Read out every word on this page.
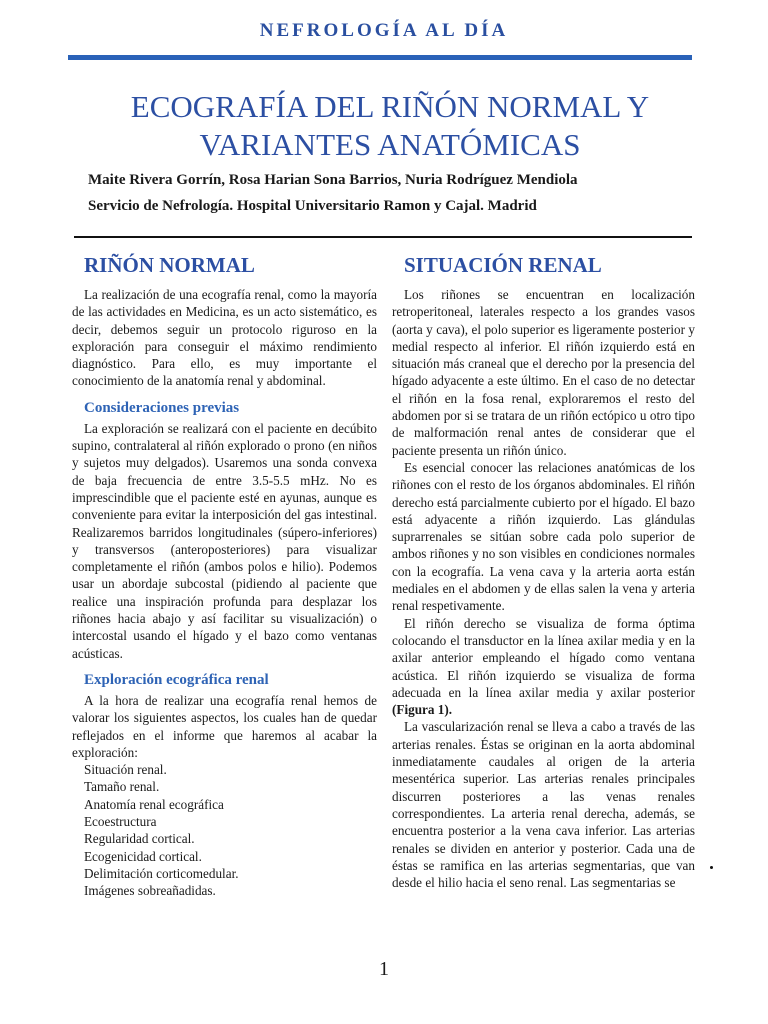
NEFROLOGÍA AL DÍA
ECOGRAFÍA DEL RIÑÓN NORMAL Y
VARIANTES ANATÓMICAS
Maite Rivera Gorrín, Rosa Harian Sona Barrios, Nuria Rodríguez Mendiola
Servicio de Nefrología. Hospital Universitario Ramon y Cajal. Madrid
RIÑÓN NORMAL

La realización de una ecografía renal, como la mayoría de las actividades en Medicina, es un acto sistemático, es decir, debemos seguir un protocolo riguroso en la exploración para conseguir el máximo rendimiento diagnóstico. Para ello, es muy importante el conocimiento de la anatomía renal y abdominal.

Consideraciones previas

La exploración se realizará con el paciente en decúbito supino, contralateral al riñón explorado o prono (en niños y sujetos muy delgados). Usaremos una sonda convexa de baja frecuencia de entre 3.5-5.5 mHz. No es imprescindible que el paciente esté en ayunas, aunque es conveniente para evitar la interposición del gas intestinal. Realizaremos barridos longitudinales (súpero-inferiores) y transversos (anteroposteriores) para visualizar completamente el riñón (ambos polos e hilio). Podemos usar un abordaje subcostal (pidiendo al paciente que realice una inspiración profunda para desplazar los riñones hacia abajo y así facilitar su visualización) o intercostal usando el hígado y el bazo como ventanas acústicas.

Exploración ecográfica renal

A la hora de realizar una ecografía renal hemos de valorar los siguientes aspectos, los cuales han de quedar reflejados en el informe que haremos al acabar la exploración:

Situación renal.
Tamaño renal.
Anatomía renal ecográfica
Ecoestructura
Regularidad cortical.
Ecogenicidad cortical.
Delimitación corticomedular.
Imágenes sobreañadidas.
SITUACIÓN RENAL

Los riñones se encuentran en localización retroperitoneal, laterales respecto a los grandes vasos (aorta y cava), el polo superior es ligeramente posterior y medial respecto al inferior. El riñón izquierdo está en situación más craneal que el derecho por la presencia del hígado adyacente a este último. En el caso de no detectar el riñón en la fosa renal, exploraremos el resto del abdomen por si se tratara de un riñón ectópico u otro tipo de malformación renal antes de considerar que el paciente presenta un riñón único.

Es esencial conocer las relaciones anatómicas de los riñones con el resto de los órganos abdominales. El riñón derecho está parcialmente cubierto por el hígado. El bazo está adyacente a riñón izquierdo. Las glándulas suprarrenales se sitúan sobre cada polo superior de ambos riñones y no son visibles en condiciones normales con la ecografía. La vena cava y la arteria aorta están mediales en el abdomen y de ellas salen la vena y arteria renal respetivamente.

El riñón derecho se visualiza de forma óptima colocando el transductor en la línea axilar media y en la axilar anterior empleando el hígado como ventana acústica. El riñón izquierdo se visualiza de forma adecuada en la línea axilar media y axilar posterior (Figura 1).

La vascularización renal se lleva a cabo a través de las arterias renales. Éstas se originan en la aorta abdominal inmediatamente caudales al origen de la arteria mesentérica superior. Las arterias renales principales discurren posteriores a las venas renales correspondientes. La arteria renal derecha, además, se encuentra posterior a la vena cava inferior. Las arterias renales se dividen en anterior y posterior. Cada una de éstas se ramifica en las arterias segmentarias, que van desde el hilio hacia el seno renal. Las segmentarias se

1
